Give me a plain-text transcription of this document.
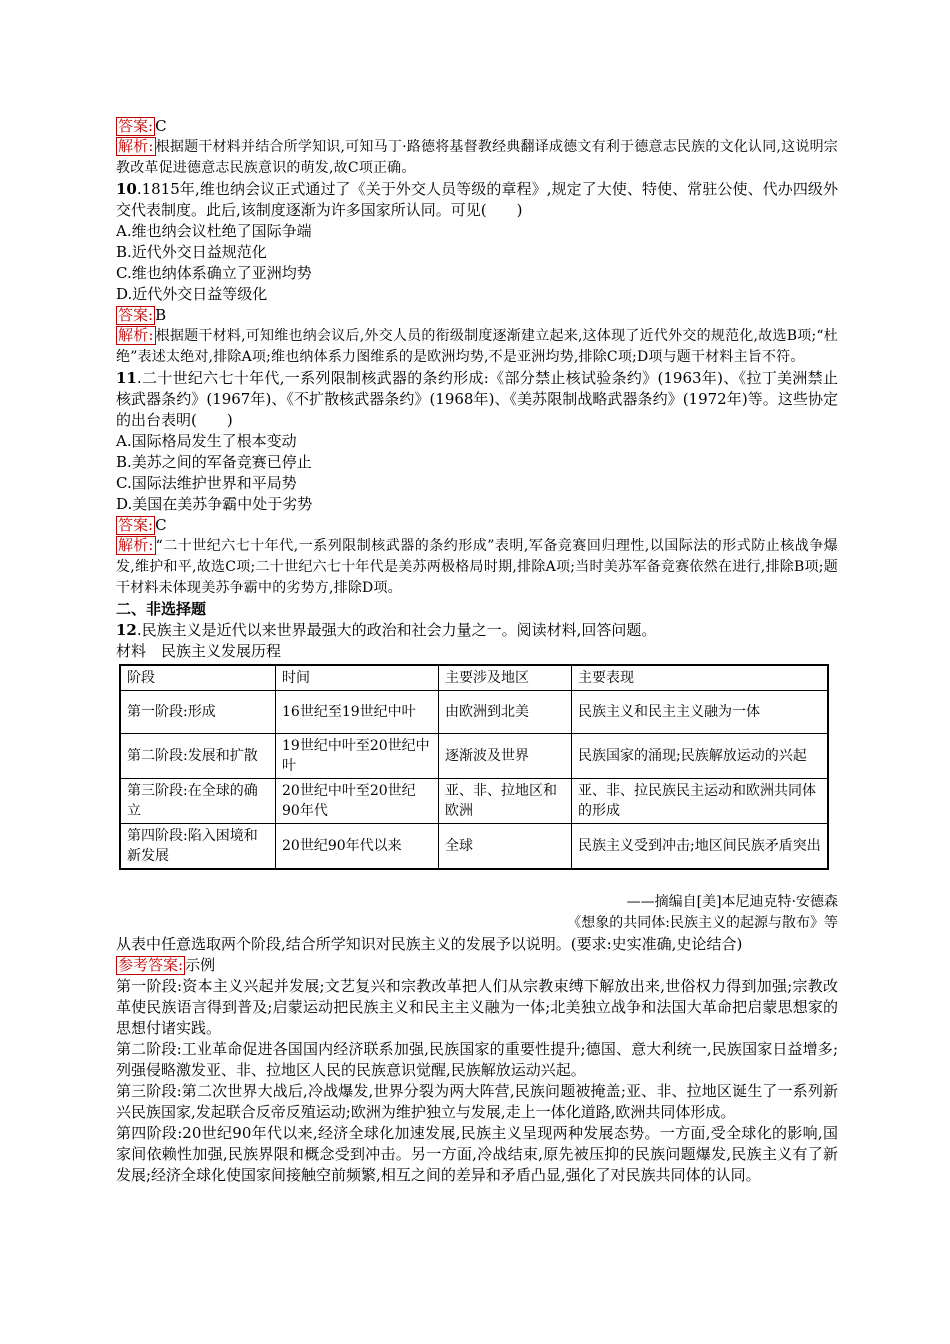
答案: C

解析: 根据题干材料并结合所学知识,可知马丁·路德将基督教经典翻译成德文有利于德意志民族的文化认同,这说明宗教改革促进德意志民族意识的萌发,故C项正确。

10.1815年,维也纳会议正式通过了《关于外交人员等级的章程》,规定了大使、特使、常驻公使、代办四级外交代表制度。此后,该制度逐渐为许多国家所认同。可见(　　)

A.维也纳会议杜绝了国际争端

B.近代外交日益规范化

C.维也纳体系确立了亚洲均势

D.近代外交日益等级化

答案: B

解析: 根据题干材料,可知维也纳会议后,外交人员的衔级制度逐渐建立起来,这体现了近代外交的规范化,故选B项;“杜绝”表述太绝对,排除A项;维也纳体系力图维系的是欧洲均势,不是亚洲均势,排除C项;D项与题干材料主旨不符。

11.二十世纪六七十年代,一系列限制核武器的条约形成:《部分禁止核试验条约》(1963年)、《拉丁美洲禁止核武器条约》(1967年)、《不扩散核武器条约》(1968年)、《美苏限制战略武器条约》(1972年)等。这些协定的出台表明(　　)

A.国际格局发生了根本变动

B.美苏之间的军备竞赛已停止

C.国际法维护世界和平局势

D.美国在美苏争霸中处于劣势

答案: C

解析: “二十世纪六七十年代,一系列限制核武器的条约形成”表明,军备竞赛回归理性,以国际法的形式防止核战争爆发,维护和平,故选C项;二十世纪六七十年代是美苏两极格局时期,排除A项;当时美苏军备竞赛依然在进行,排除B项;题干材料未体现美苏争霸中的劣势方,排除D项。

二、非选择题

12.民族主义是近代以来世界最强大的政治和社会力量之一。阅读材料,回答问题。

材料　民族主义发展历程

阶段	时间	主要涉及地区	主要表现
第一阶段:形成	16世纪至19世纪中叶	由欧洲到北美	民族主义和民主主义融为一体
第二阶段:发展和扩散	19世纪中叶至20世纪中叶	逐渐波及世界	民族国家的涌现;民族解放运动的兴起
第三阶段:在全球的确立	20世纪中叶至20世纪90年代	亚、非、拉地区和欧洲	亚、非、拉民族民主运动和欧洲共同体的形成
第四阶段:陷入困境和新发展	20世纪90年代以来	全球	民族主义受到冲击;地区间民族矛盾突出

——摘编自[美]本尼迪克特·安德森

《想象的共同体:民族主义的起源与散布》等

从表中任意选取两个阶段,结合所学知识对民族主义的发展予以说明。(要求:史实准确,史论结合)

参考答案: 示例

第一阶段:资本主义兴起并发展;文艺复兴和宗教改革把人们从宗教束缚下解放出来,世俗权力得到加强;宗教改革使民族语言得到普及;启蒙运动把民族主义和民主主义融为一体;北美独立战争和法国大革命把启蒙思想家的思想付诸实践。

第二阶段:工业革命促进各国国内经济联系加强,民族国家的重要性提升;德国、意大利统一,民族国家日益增多;列强侵略激发亚、非、拉地区人民的民族意识觉醒,民族解放运动兴起。

第三阶段:第二次世界大战后,冷战爆发,世界分裂为两大阵营,民族问题被掩盖;亚、非、拉地区诞生了一系列新兴民族国家,发起联合反帝反殖运动;欧洲为维护独立与发展,走上一体化道路,欧洲共同体形成。

第四阶段:20世纪90年代以来,经济全球化加速发展,民族主义呈现两种发展态势。一方面,受全球化的影响,国家间依赖性加强,民族界限和概念受到冲击。另一方面,冷战结束,原先被压抑的民族问题爆发,民族主义有了新发展;经济全球化使国家间接触空前频繁,相互之间的差异和矛盾凸显,强化了对民族共同体的认同。
